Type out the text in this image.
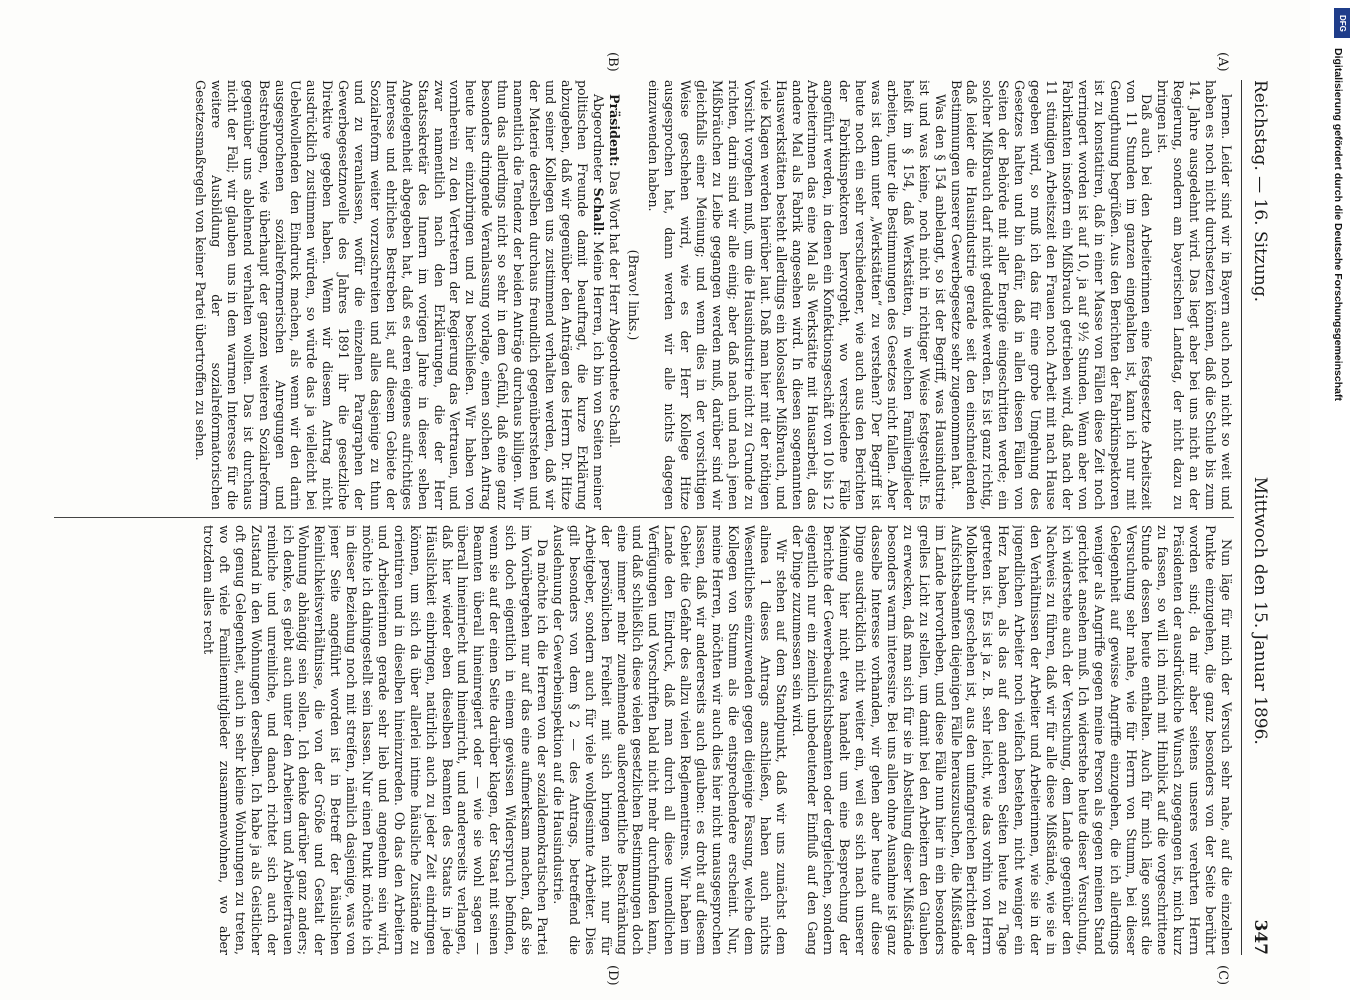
Reichstag. — 16. Sitzung.
Mittwoch den 15. Januar 1896.
347
(A)
(B)
(C)
(D)

lernen. Leider sind wir in Bayern auch noch nicht so weit und haben es noch nicht durchsetzen können, daß die Schule bis zum 14. Jahre ausgedehnt wird. Das liegt aber bei uns nicht an der Regierung, sondern am bayerischen Landtag, der nicht dazu zu bringen ist.

Daß auch bei den Arbeiterinnen eine festgesetzte Arbeitszeit von 11 Stunden im ganzen eingehalten ist, kann ich nur mit Genugthuung begrüßen. Aus den Berichten der Fabrikinspektoren ist zu konstatiren, daß in einer Masse von Fällen diese Zeit noch verringert worden ist auf 10, ja auf 9½ Stunden. Wenn aber von Fabrikanten insofern ein Mißbrauch getrieben wird, daß nach der 11 stündigen Arbeitszeit den Frauen noch Arbeit mit nach Hause gegeben wird, so muß ich das für eine grobe Umgehung des Gesetzes halten und bin dafür, daß in allen diesen Fällen von Seiten der Behörde mit aller Energie eingeschritten werde; ein solcher Mißbrauch darf nicht geduldet werden. Es ist ganz richtig, daß leider die Hausindustrie gerade seit den einschneidenden Bestimmungen unserer Gewerbegesetze sehr zugenommen hat.

Was den § 154 anbelangt, so ist der Begriff, was Hausindustrie ist und was keine, noch nicht in richtiger Weise festgestellt. Es heißt im § 154, daß Werkstätten, in welchen Familienglieder arbeiten, unter die Bestimmungen des Gesetzes nicht fallen. Aber was ist denn unter „Werkstätten“ zu verstehen? Der Begriff ist heute noch ein sehr verschiedener, wie auch aus den Berichten der Fabrikinspektoren hervorgeht, wo verschiedene Fälle angeführt werden, in denen ein Konfektionsgeschäft von 10 bis 12 Arbeiterinnen das eine Mal als Werkstätte mit Hausarbeit, das andere Mal als Fabrik angesehen wird. In diesen sogenannten Hauswerkstätten besteht allerdings ein kolossaler Mißbrauch, und viele Klagen werden hierüber laut. Daß man hier mit der nöthigen Vorsicht vorgehen muß, um die Hausindustrie nicht zu Grunde zu richten, darin sind wir alle einig; aber daß nach und nach jenen Mißbräuchen zu Leibe gegangen werden muß, darüber sind wir gleichfalls einer Meinung; und wenn dies in der vorsichtigen Weise geschehen wird, wie es der Herr Kollege Hitze ausgesprochen hat, dann werden wir alle nichts dagegen einzuwenden haben.

(Bravo! links.)

Präsident: Das Wort hat der Herr Abgeordnete Schall.

Abgeordneter Schall: Meine Herren, ich bin von Seiten meiner politischen Freunde damit beauftragt, die kurze Erklärung abzugeben, daß wir gegenüber den Anträgen des Herrn Dr. Hitze und seiner Kollegen uns zustimmend verhalten werden, daß wir der Materie derselben durchaus freundlich gegenüberstehen und namentlich die Tendenz der beiden Anträge durchaus billigen. Wir thun das allerdings nicht so sehr in dem Gefühl, daß eine ganz besonders dringende Veranlassung vorlage, einen solchen Antrag heute hier einzubringen und zu beschließen. Wir haben von vornherein zu den Vertretern der Regierung das Vertrauen, und zwar namentlich nach den Erklärungen, die der Herr Staatssekretär des Innern im vorigen Jahre in dieser selben Angelegenheit abgegeben hat, daß es deren eigenes aufrichtiges Interesse und ehrliches Bestreben ist, auf diesem Gebiete der Sozialreform weiter vorzuschreiten und alles dasjenige zu thun und zu veranlassen, wofür die einzelnen Paragraphen der Gewerbegesetznovelle des Jahres 1891 ihr die gesetzliche Direktive gegeben haben. Wenn wir diesem Antrag nicht ausdrücklich zustimmen würden, so würde das ja vielleicht bei Uebelwollenden den Eindruck machen, als wenn wir den darin ausgesprochenen sozialreformerischen Anregungen und Bestrebungen, wie überhaupt der ganzen weiteren Sozialreform gegenüber uns ablehnend verhalten wollten. Das ist durchaus nicht der Fall; wir glauben uns in dem warmen Interesse für die weitere Ausbildung der sozialreformatorischen Gesetzesmaßregeln von keiner Partei übertroffen zu sehen.

Nun läge für mich der Versuch sehr nahe, auf die einzelnen Punkte einzugehen, die ganz besonders von der Seite berührt worden sind; da mir aber seitens unseres verehrten Herrn Präsidenten der ausdrückliche Wunsch zugegangen ist, mich kurz zu fassen, so will ich mich mit Hinblick auf die vorgeschrittene Stunde dessen heute enthalten. Auch für mich läge sonst die Versuchung sehr nahe, wie für Herrn von Stumm, bei dieser Gelegenheit auf gewisse Angriffe einzugehen, die ich allerdings weniger als Angriffe gegen meine Person als gegen meinen Stand gerichtet ansehen muß. Ich widerstehe heute dieser Versuchung, ich widerstehe auch der Versuchung, dem Lande gegenüber den Nachweis zu führen, daß wir für alle diese Mißstände, wie sie in den Verhältnissen der Arbeiter und Arbeiterinnen, wie sie in der jugendlichen Arbeiter noch vielfach bestehen, nicht weniger ein Herz haben, als das auf den anderen Seiten heute zu Tage getreten ist. Es ist ja z. B. sehr leicht, wie das vorhin von Herrn Molkenbuhr geschehen ist, aus den umfangreichen Berichten der Aufsichtsbeamten diejenigen Fälle herauszusuchen, die Mißstände im Lande hervorheben, und diese Fälle nun hier in ein besonders grelles Licht zu stellen, um damit bei den Arbeitern den Glauben zu erwecken, daß man sich für sie in Abstellung dieser Mißstände besonders warm interessire. Bei uns allen ohne Ausnahme ist ganz dasselbe Interesse vorhanden, wir gehen aber heute auf diese Dinge ausdrücklich nicht weiter ein, weil es sich nach unserer Meinung hier nicht etwa handelt um eine Besprechung der Berichte der Gewerbeaufsichtsbeamten oder dergleichen, sondern eigentlich nur ein ziemlich unbedeutender Einfluß auf den Gang der Dinge zuzumessen sein wird.

Wir stehen auf dem Standpunkt, daß wir uns zunächst dem alinea 1 dieses Antrags anschließen, haben auch nichts Wesentliches einzuwenden gegen diejenige Fassung, welche dem Kollegen von Stumm als die entsprechendere erscheint. Nur, meine Herren, möchten wir auch dies hier nicht unausgesprochen lassen, daß wir andererseits auch glauben: es droht auf diesem Gebiet die Gefahr des allzu vielen Reglementirens. Wir haben im Lande den Eindruck, daß man durch all diese unendlichen Verfügungen und Vorschriften bald nicht mehr durchfinden kann, und daß schließlich diese vielen gesetzlichen Bestimmungen doch eine immer mehr zunehmende außerordentliche Beschränkung der persönlichen Freiheit mit sich bringen nicht nur für Arbeitgeber, sondern auch für viele wohlgesinnte Arbeiter. Dies gilt besonders von dem § 2 — des Antrags, betreffend die Ausdehnung der Gewerbeinspektion auf die Hausindustrie.

Da möchte ich die Herren von der sozialdemokratischen Partei im Vorübergehen nur auf das eine aufmerksam machen, daß sie sich doch eigentlich in einem gewissen Widerspruch befinden, wenn sie auf der einen Seite darüber klagen, der Staat mit seinen Beamten überall hineinregiert oder — wie sie wohl sagen — überall hineinriecht und hineinricht, und andererseits verlangen, daß hier wieder eben dieselben Beamten des Staats in jede Häuslichkeit einbringen, natürlich auch zu jeder Zeit eindringen können, um sich da über allerlei intime häusliche Zustände zu orientiren und in dieselben hineinzureden. Ob das den Arbeitern und Arbeiterinnen gerade sehr lieb und angenehm sein wird, möchte ich dahingestellt sein lassen. Nur einen Punkt möchte ich in dieser Beziehung noch mit streifen, nämlich dasjenige, was von jener Seite angeführt worden ist in Betreff der häuslichen Reinlichkeitsverhältnisse, die von der Größe und Gestalt der Wohnung abhängig sein sollen. Ich denke darüber ganz anders; ich denke, es giebt auch unter den Arbeitern und Arbeiterfrauen reinliche und unreinliche, und danach richtet sich auch der Zustand in den Wohnungen derselben. Ich habe ja als Geistlicher oft genug Gelegenheit, auch in sehr kleine Wohnungen zu treten, wo oft viele Familienmitglieder zusammenwohnen, wo aber trotzdem alles recht

DFG
Digitalisierung gefördert durch die Deutsche Forschungsgemeinschaft
